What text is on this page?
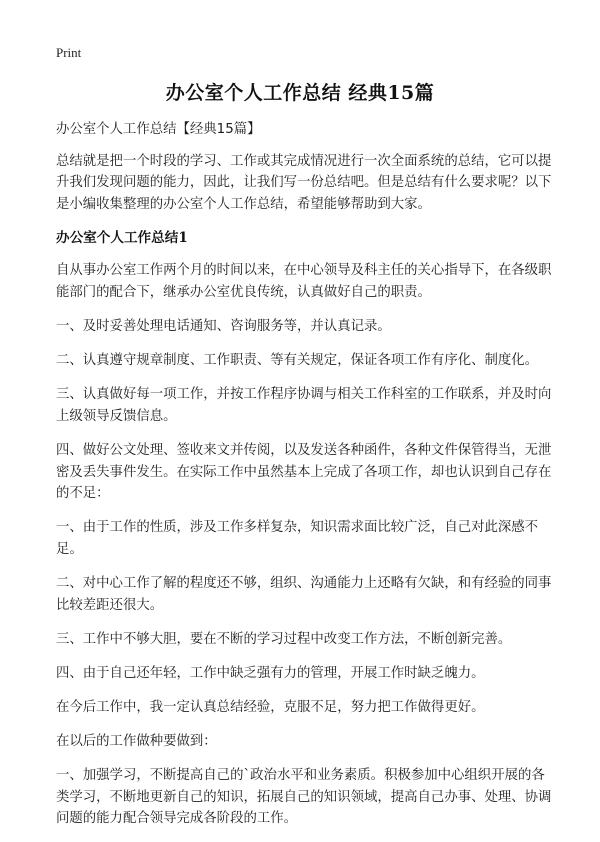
Print
办公室个人工作总结 经典15篇

办公室个人工作总结【经典15篇】

总结就是把一个时段的学习、工作或其完成情况进行一次全面系统的总结，它可以提升我们发现问题的能力，因此，让我们写一份总结吧。但是总结有什么要求呢？以下是小编收集整理的办公室个人工作总结，希望能够帮助到大家。

办公室个人工作总结1

自从事办公室工作两个月的时间以来，在中心领导及科主任的关心指导下，在各级职能部门的配合下，继承办公室优良传统，认真做好自己的职责。

一、及时妥善处理电话通知、咨询服务等，并认真记录。

二、认真遵守规章制度、工作职责、等有关规定，保证各项工作有序化、制度化。

三、认真做好每一项工作，并按工作程序协调与相关工作科室的工作联系，并及时向上级领导反馈信息。

四、做好公文处理、签收来文并传阅，以及发送各种函件，各种文件保管得当，无泄密及丢失事件发生。在实际工作中虽然基本上完成了各项工作，却也认识到自己存在的不足：

一、由于工作的性质，涉及工作多样复杂，知识需求面比较广泛，自己对此深感不足。

二、对中心工作了解的程度还不够，组织、沟通能力上还略有欠缺，和有经验的同事比较差距还很大。

三、工作中不够大胆，要在不断的学习过程中改变工作方法，不断创新完善。

四、由于自己还年轻，工作中缺乏强有力的管理，开展工作时缺乏魄力。

在今后工作中，我一定认真总结经验，克服不足，努力把工作做得更好。

在以后的工作做种要做到：

一、加强学习，不断提高自己的`政治水平和业务素质。积极参加中心组织开展的各类学习，不断地更新自己的知识，拓展自己的知识领域，提高自己办事、处理、协调问题的能力配合领导完成各阶段的工作。
